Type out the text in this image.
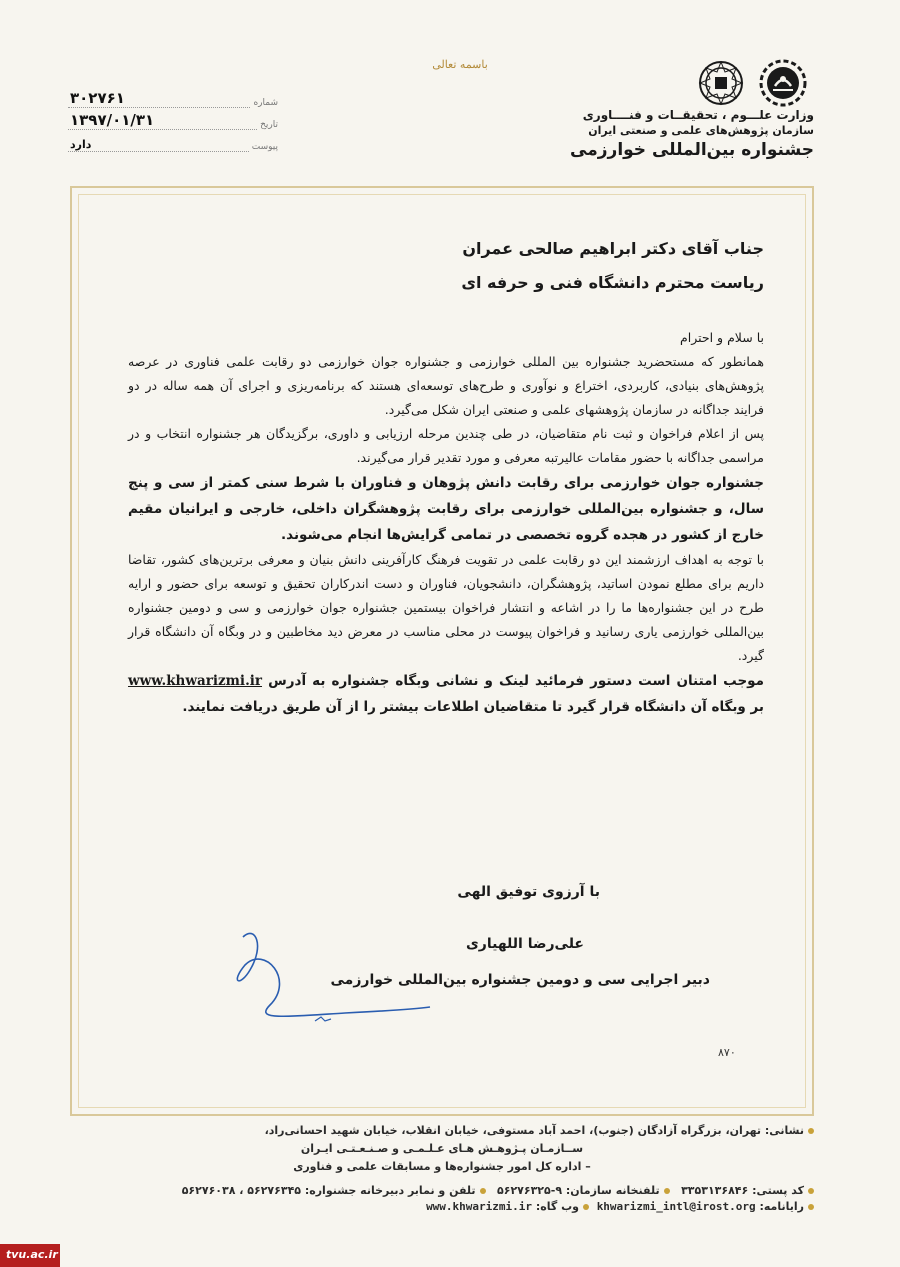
باسمه تعالی
وزارت علـــوم ، تحقیقــات و فنــــاوری
سازمان پژوهش‌های علمی و صنعتی ایران
جشنواره بین‌المللی خوارزمی
شماره
۳۰۲۷۶۱
تاریخ
۱۳۹۷/۰۱/۳۱
پیوست
دارد

جناب آقای دکتر ابراهیم صالحی عمران

ریاست محترم دانشگاه فنی و حرفه ای

با سلام و احترام

همانطور که مستحضرید جشنواره بین المللی خوارزمی و جشنواره جوان خوارزمی دو رقابت علمی فناوری در عرصه پژوهش‌های بنیادی، کاربردی، اختراع و نوآوری و طرح‌های توسعه‌ای هستند که برنامه‌ریزی و اجرای آن همه ساله در دو فرایند جداگانه در سازمان پژوهشهای علمی و صنعتی ایران شکل می‌گیرد.

پس از اعلام فراخوان و ثبت نام متقاضیان، در طی چندین مرحله ارزیابی و داوری، برگزیدگان هر جشنواره انتخاب و در مراسمی جداگانه با حضور مقامات عالیرتبه معرفی و مورد تقدیر قرار می‌گیرند.

جشنواره جوان خوارزمی برای رقابت دانش پژوهان و فناوران با شرط سنی کمتر از سی و پنج سال، و جشنواره بین‌المللی خوارزمی برای رقابت پژوهشگران داخلی، خارجی و ایرانیان مقیم خارج از کشور در هجده گروه تخصصی در تمامی گرایش‌ها انجام می‌شوند.

با توجه به اهداف ارزشمند این دو رقابت علمی در تقویت فرهنگ کارآفرینی دانش بنیان و معرفی برترین‌های کشور، تقاضا داریم برای مطلع نمودن اساتید، پژوهشگران، دانشجویان، فناوران و دست اندرکاران تحقیق و توسعه برای حضور و ارایه طرح در این جشنواره‌ها ما را در اشاعه و انتشار فراخوان بیستمین جشنواره جوان خوارزمی و سی و دومین جشنواره بین‌المللی خوارزمی یاری رسانید و فراخوان پیوست در محلی مناسب در معرض دید مخاطبین و در وبگاه آن دانشگاه قرار گیرد.

موجب امتنان است دستور فرمائید لینک و نشانی وبگاه جشنواره به آدرس www.khwarizmi.ir بر وبگاه آن دانشگاه قرار گیرد تا متقاضیان اطلاعات بیشتر را از آن طریق دریافت نمایند.

با آرزوی توفیق الهی
علی‌رضا اللهیاری
دبیر اجرایی سی و دومین جشنواره بین‌المللی خوارزمی
۸۷۰
نشانی: تهران، بزرگراه آزادگان (جنوب)، احمد آباد مستوفی، خیابان انقلاب، خیابان شهید احسانی‌راد،
ســازمـان پـژوهـش هـای عـلـمـی و صـنـعـتـی ایـران
– اداره کل امور جشنواره‌ها و مسابقات علمی و فناوری
کد پستی: ۳۳۵۳۱۳۶۸۴۶   تلفنخانه سازمان: ۹-۵۶۲۷۶۳۲۵   تلفن و نمابر دبیرخانه جشنواره: ۵۶۲۷۶۳۴۵ ، ۵۶۲۷۶۰۳۸
رایانامه: khwarizmi_intl@irost.org  وب گاه: www.khwarizmi.ir
tvu.ac.ir
